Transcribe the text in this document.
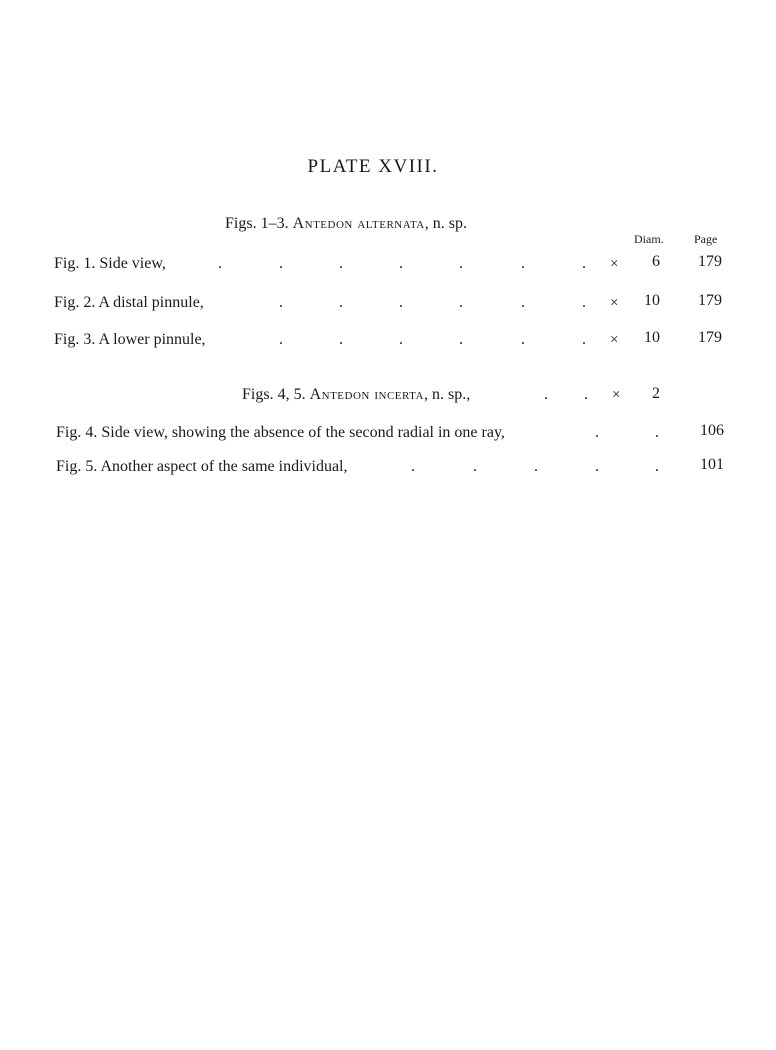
PLATE XVIII.
Figs. 1–3. Antedon alternata, n. sp.
Diam.	Page
Fig. 1. Side view,	.	.	.	.	.	.	. ×	6	179
Fig. 2. A distal pinnule,	.	.	.	.	.	. ×	10	179
Fig. 3. A lower pinnule,	.	.	.	.	.	. ×	10	179
Figs. 4, 5. Antedon incerta, n. sp.,	. . ×	2
Fig. 4. Side view, showing the absence of the second radial in one ray,	.	.	106
Fig. 5. Another aspect of the same individual,	.	.	.	.	.	101
